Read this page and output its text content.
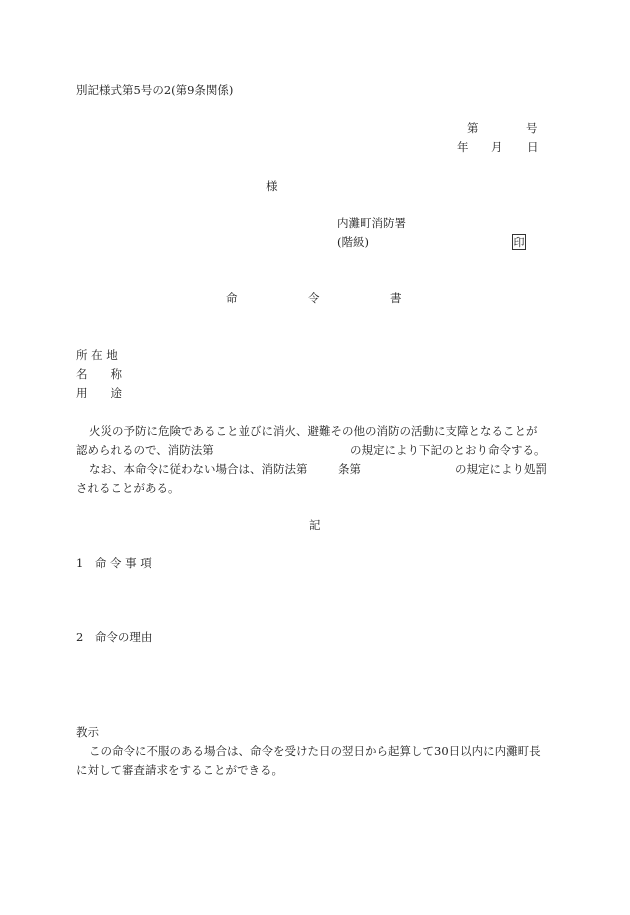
別記様式第5号の2(第9条関係)
第	号
年 月 日
様
内灘町消防署
(階級)	印
命	令	書
所 在 地
名　　称
用　　途
火災の予防に危険であること並びに消火、避難その他の消防の活動に支障となることが
認められるので、消防法第	の規定により下記のとおり命令する。
なお、本命令に従わない場合は、消防法第	条第	の規定により処罰
されることがある。
記
1　命 令 事 項
2　命令の理由
教示
この命令に不服のある場合は、命令を受けた日の翌日から起算して30日以内に内灘町長
に対して審査請求をすることができる。
